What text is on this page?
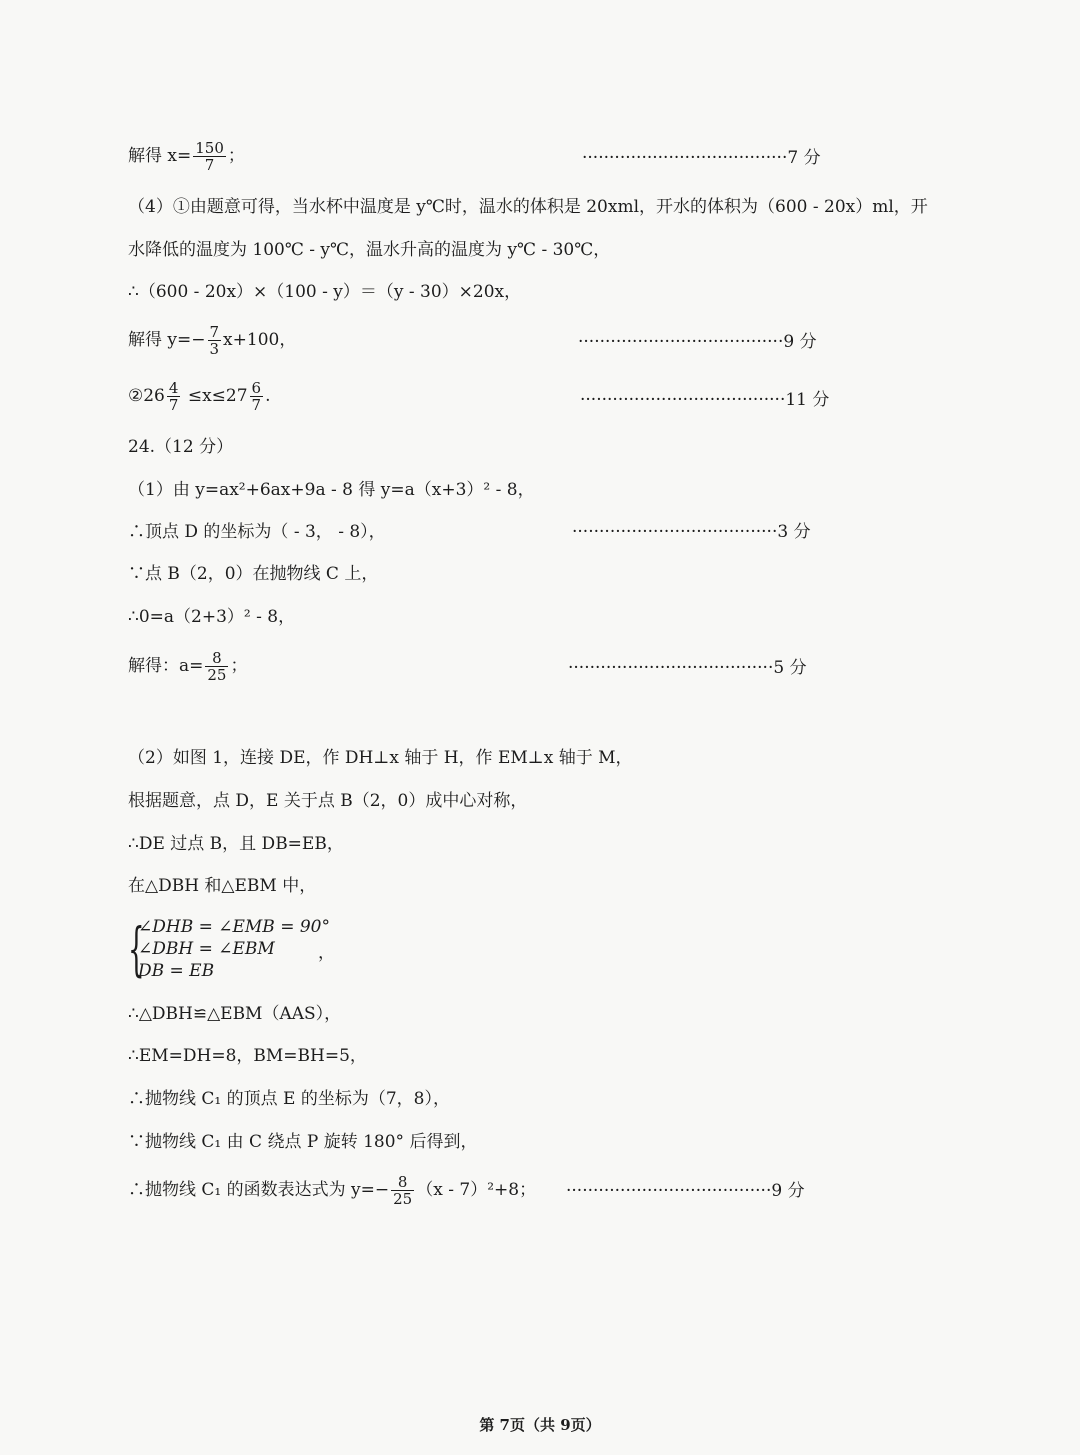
解得 $x= \frac{150}{7}$ ；	······································7 分
（4）①由题意可得，当水杯中温度是 y℃时，温水的体积是 20xml，开水的体积为（600 - 20x）ml，开
水降低的温度为 100℃ - y℃，温水升高的温度为 y℃ - 30℃，
∴（600 - 20x）×（100 - y）＝（y - 30）×20x，
解得 $y=- \frac{7}{3} x+100$，	······································9 分
②26 $\frac{4}{7} \le x\le 27 \frac{6}{7}$ .	······································11 分
24.（12 分）
（1）由 y=ax²+6ax+9a - 8 得 y=a（x+3）² - 8，
∴顶点 D 的坐标为（ - 3， - 8），	······································3 分
∵点 B（2，0）在抛物线 C 上，
∴0=a（2+3）² - 8，
解得：$a= \frac{8}{25}$ ；	······································5 分
（2）如图 1，连接 DE，作 DH⊥x 轴于 H，作 EM⊥x 轴于 M，
根据题意，点 D，E 关于点 B（2，0）成中心对称，
∴DE 过点 B，且 DB=EB，
在△DBH 和△EBM 中，
{
∠DHB = ∠EMB = 90°
∠DBH = ∠EBM
DB = EB
，
∴△DBH≌△EBM（AAS），
∴EM=DH=8，BM=BH=5，
∴抛物线 C₁ 的顶点 E 的坐标为（7，8），
∵抛物线 C₁ 由 C 绕点 P 旋转 180° 后得到，
∴抛物线 C₁ 的函数表达式为 $y=- \frac{8}{25} (x - 7)^2+8$； ······································9 分
第 7页（共 9页）
